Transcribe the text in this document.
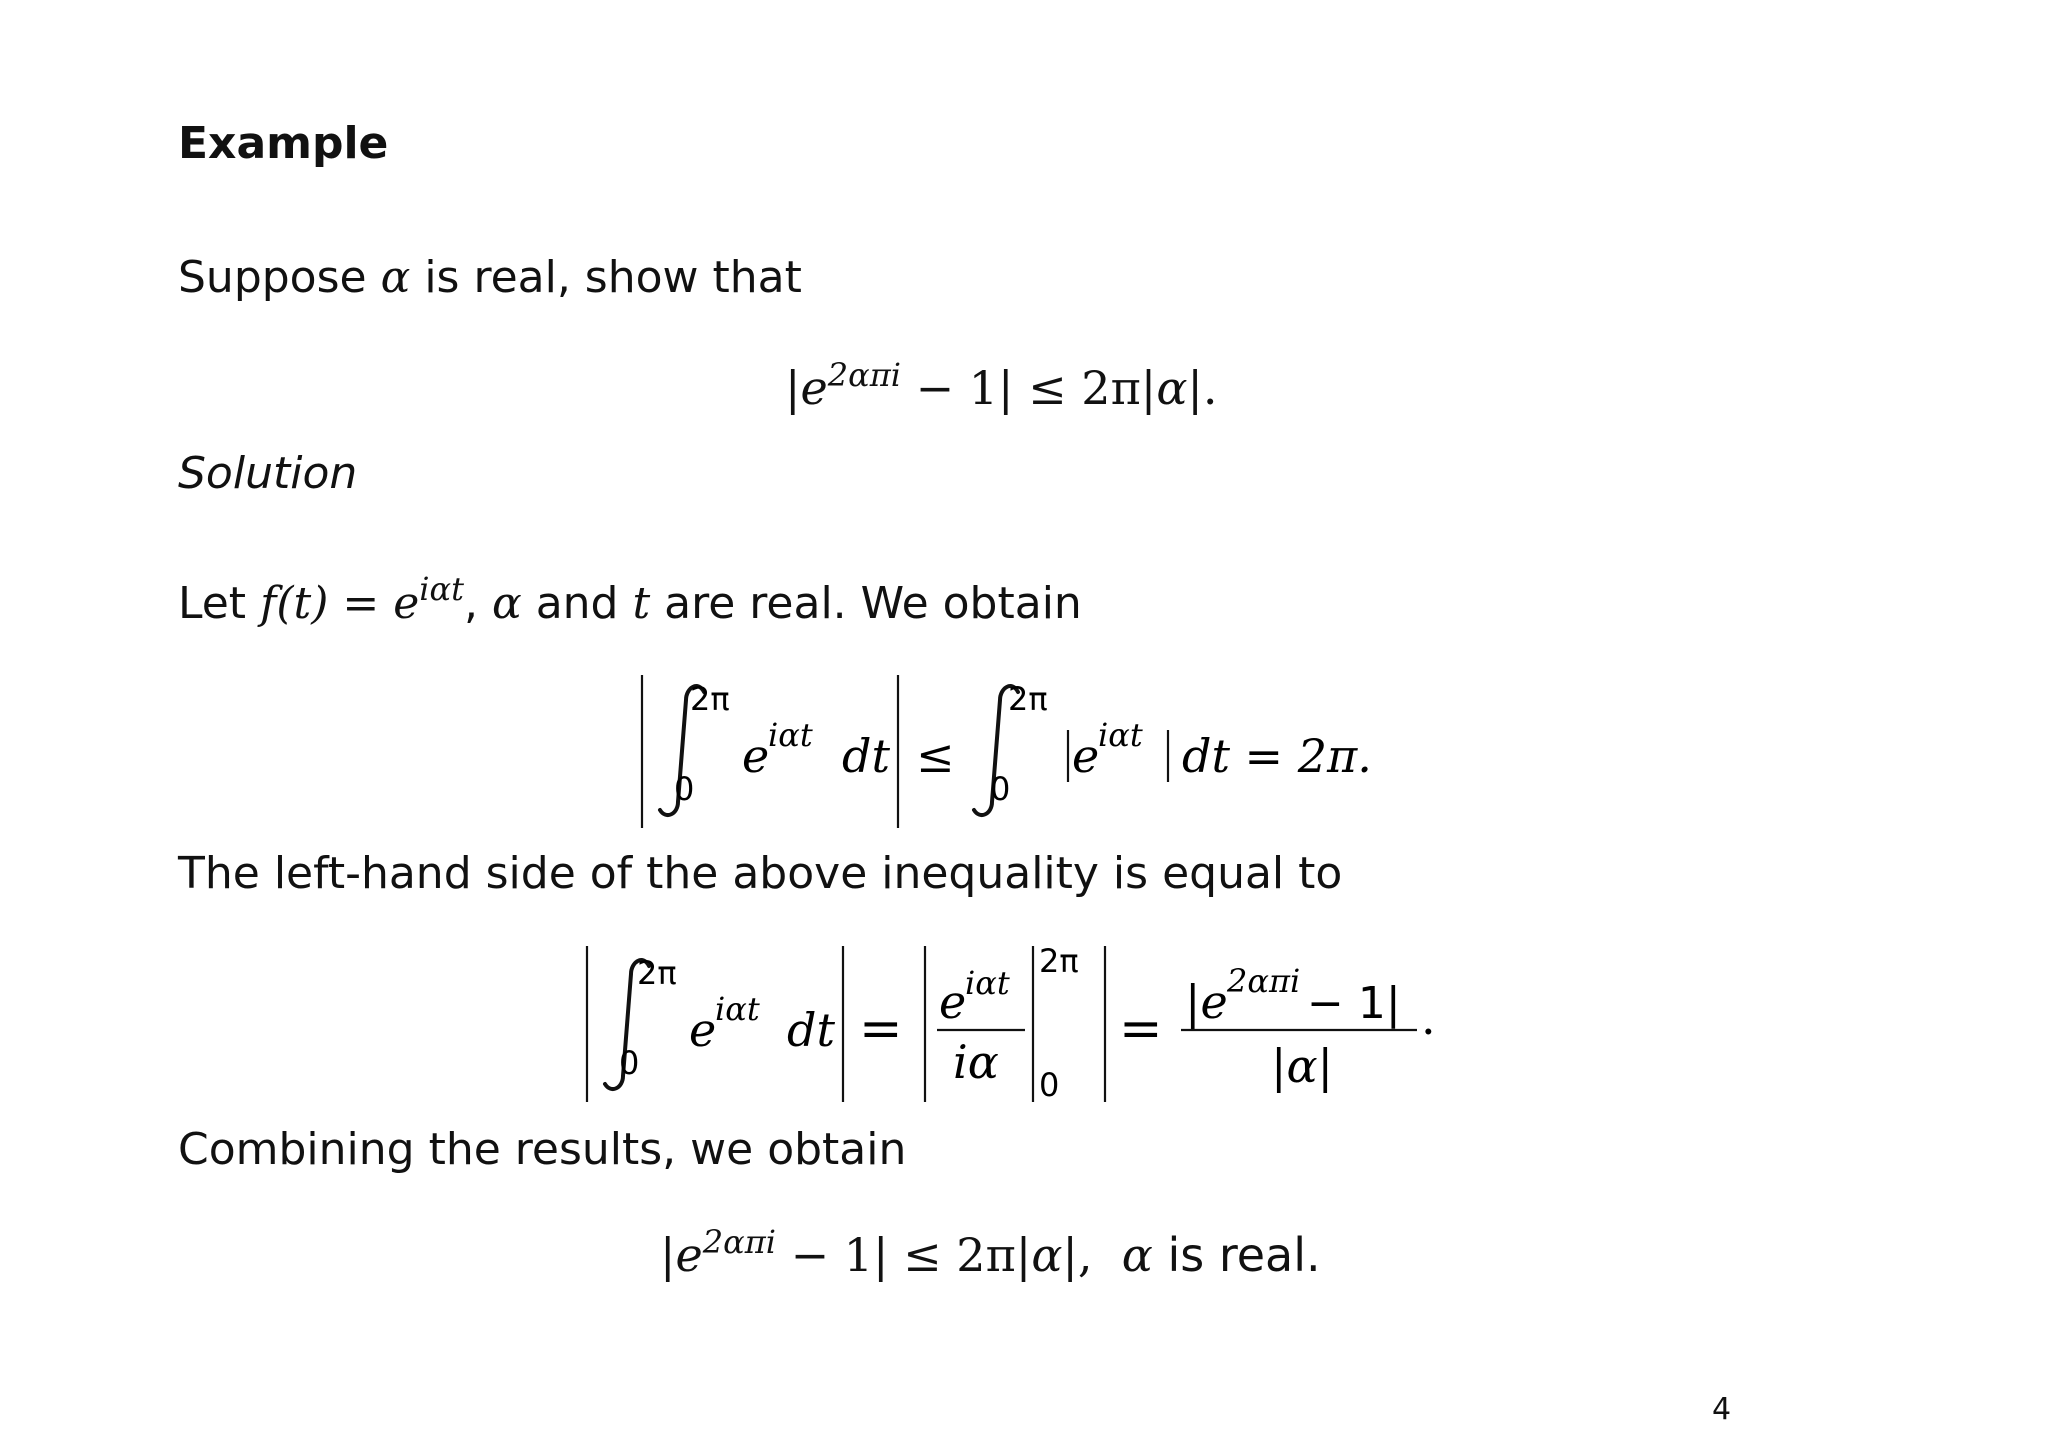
Example
Suppose α is real, show that
$|e^{2\alpha\pi i} - 1| \le 2\pi|\alpha|$.
Solution
Let $f(t) = e^{i\alpha t}$, α and t are real. We obtain
2π
0
e
iαt dt ≤
2π
0
e
iαt dt = 2π.
The left-hand side of the above inequality is equal to
2π
0
e
iαt dt = e
iαt
iα
2π
0
= |e 2απi − 1|
|α|
.
Combining the results, we obtain
$|e^{2\alpha\pi i} - 1| \le 2\pi|\alpha|$, α is real.
4
